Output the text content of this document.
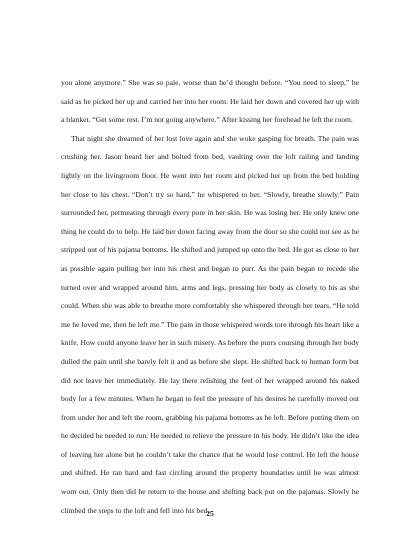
you alone anymore.” She was so pale, worse than he’d thought before. “You need to sleep,” he said as he picked her up and carried her into her room. He laid her down and covered her up with a blanket. “Get some rest. I’m not going anywhere.” After kissing her forehead he left the room.

That night she dreamed of her lost love again and she woke gasping for breath. The pain was crushing her. Jason heard her and bolted from bed, vaulting over the loft railing and landing lightly on the livingroom floor. He went into her room and picked her up from the bed holding her close to his chest. “Don’t try so hard,” he whispered to her. “Slowly, breathe slowly.” Pain surrounded her, permeating through every pore in her skin. He was losing her. He only knew one thing he could do to help. He laid her down facing away from the door so she could not see as he stripped out of his pajama bottoms. He shifted and jumped up onto the bed. He got as close to her as possible again pulling her into his chest and began to purr. As the pain began to recede she turned over and wrapped around him, arms and legs, pressing her body as closely to his as she could. When she was able to breathe more comfortably she whispered through her tears, “He told me he loved me, then he left me.” The pain in those whispered words tore through his heart like a knife. How could anyone leave her in such misery. As before the purrs coursing through her body dulled the pain until she barely felt it and as before she slept. He shifted back to human form but did not leave her immediately. He lay there relishing the feel of her wrapped around his naked body for a few minutes. When he began to feel the pressure of his desires he carefully moved out from under her and left the room, grabbing his pajama bottoms as he left. Before putting them on he decided he needed to run. He needed to relieve the pressure in his body. He didn’t like the idea of leaving her alone but he couldn’t take the chance that he would lose control. He left the house and shifted. He ran hard and fast circling around the property boundaries until he was almost worn out. Only then did he return to the house and shifting back put on the pajamas. Slowly he climbed the steps to the loft and fell into his bed.

25
